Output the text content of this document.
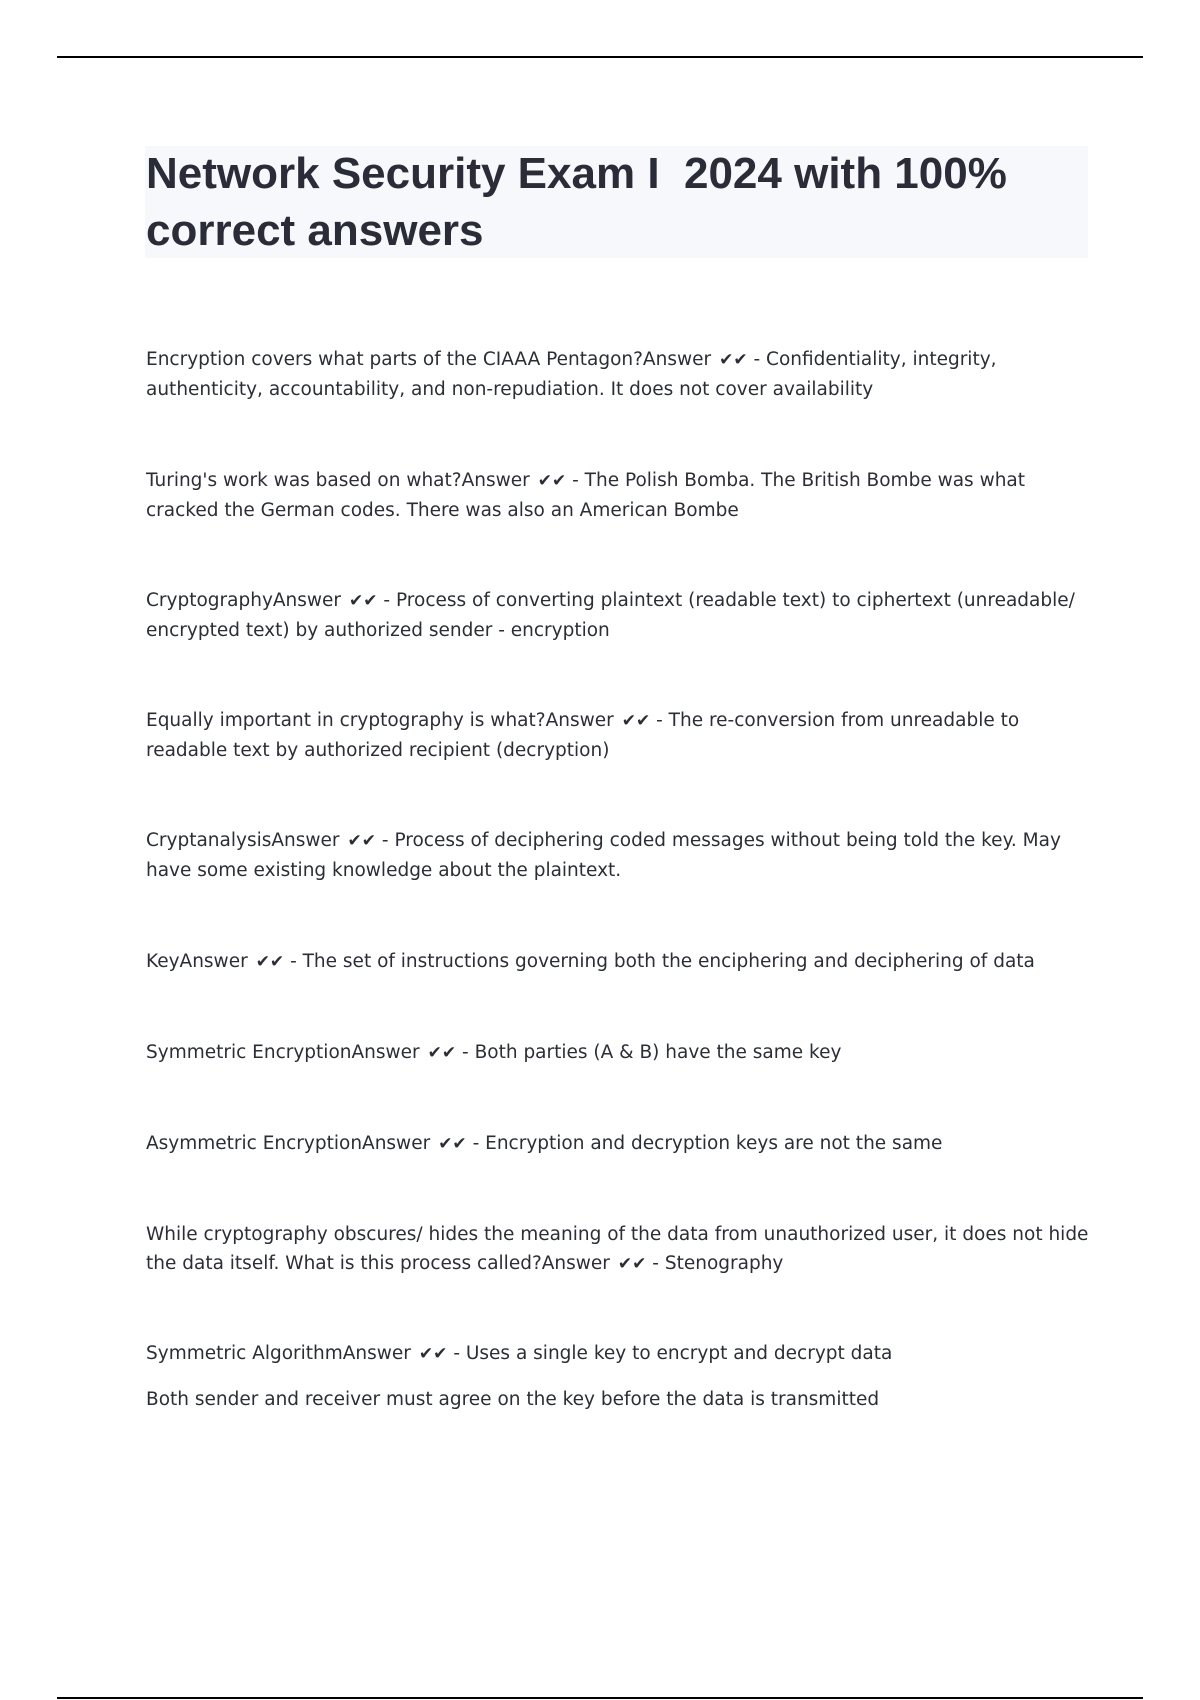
Network Security Exam I  2024 with 100% correct answers

Encryption covers what parts of the CIAAA Pentagon?Answer ✔✔ - Confidentiality, integrity, authenticity, accountability, and non-repudiation. It does not cover availability

Turing's work was based on what?Answer ✔✔ - The Polish Bomba. The British Bombe was what cracked the German codes. There was also an American Bombe

CryptographyAnswer ✔✔ - Process of converting plaintext (readable text) to ciphertext (unreadable/ encrypted text) by authorized sender - encryption

Equally important in cryptography is what?Answer ✔✔ - The re-conversion from unreadable to readable text by authorized recipient (decryption)

CryptanalysisAnswer ✔✔ - Process of deciphering coded messages without being told the key. May have some existing knowledge about the plaintext.

KeyAnswer ✔✔ - The set of instructions governing both the enciphering and deciphering of data

Symmetric EncryptionAnswer ✔✔ - Both parties (A & B) have the same key

Asymmetric EncryptionAnswer ✔✔ - Encryption and decryption keys are not the same

While cryptography obscures/ hides the meaning of the data from unauthorized user, it does not hide the data itself. What is this process called?Answer ✔✔ - Stenography

Symmetric AlgorithmAnswer ✔✔ - Uses a single key to encrypt and decrypt data

Both sender and receiver must agree on the key before the data is transmitted
